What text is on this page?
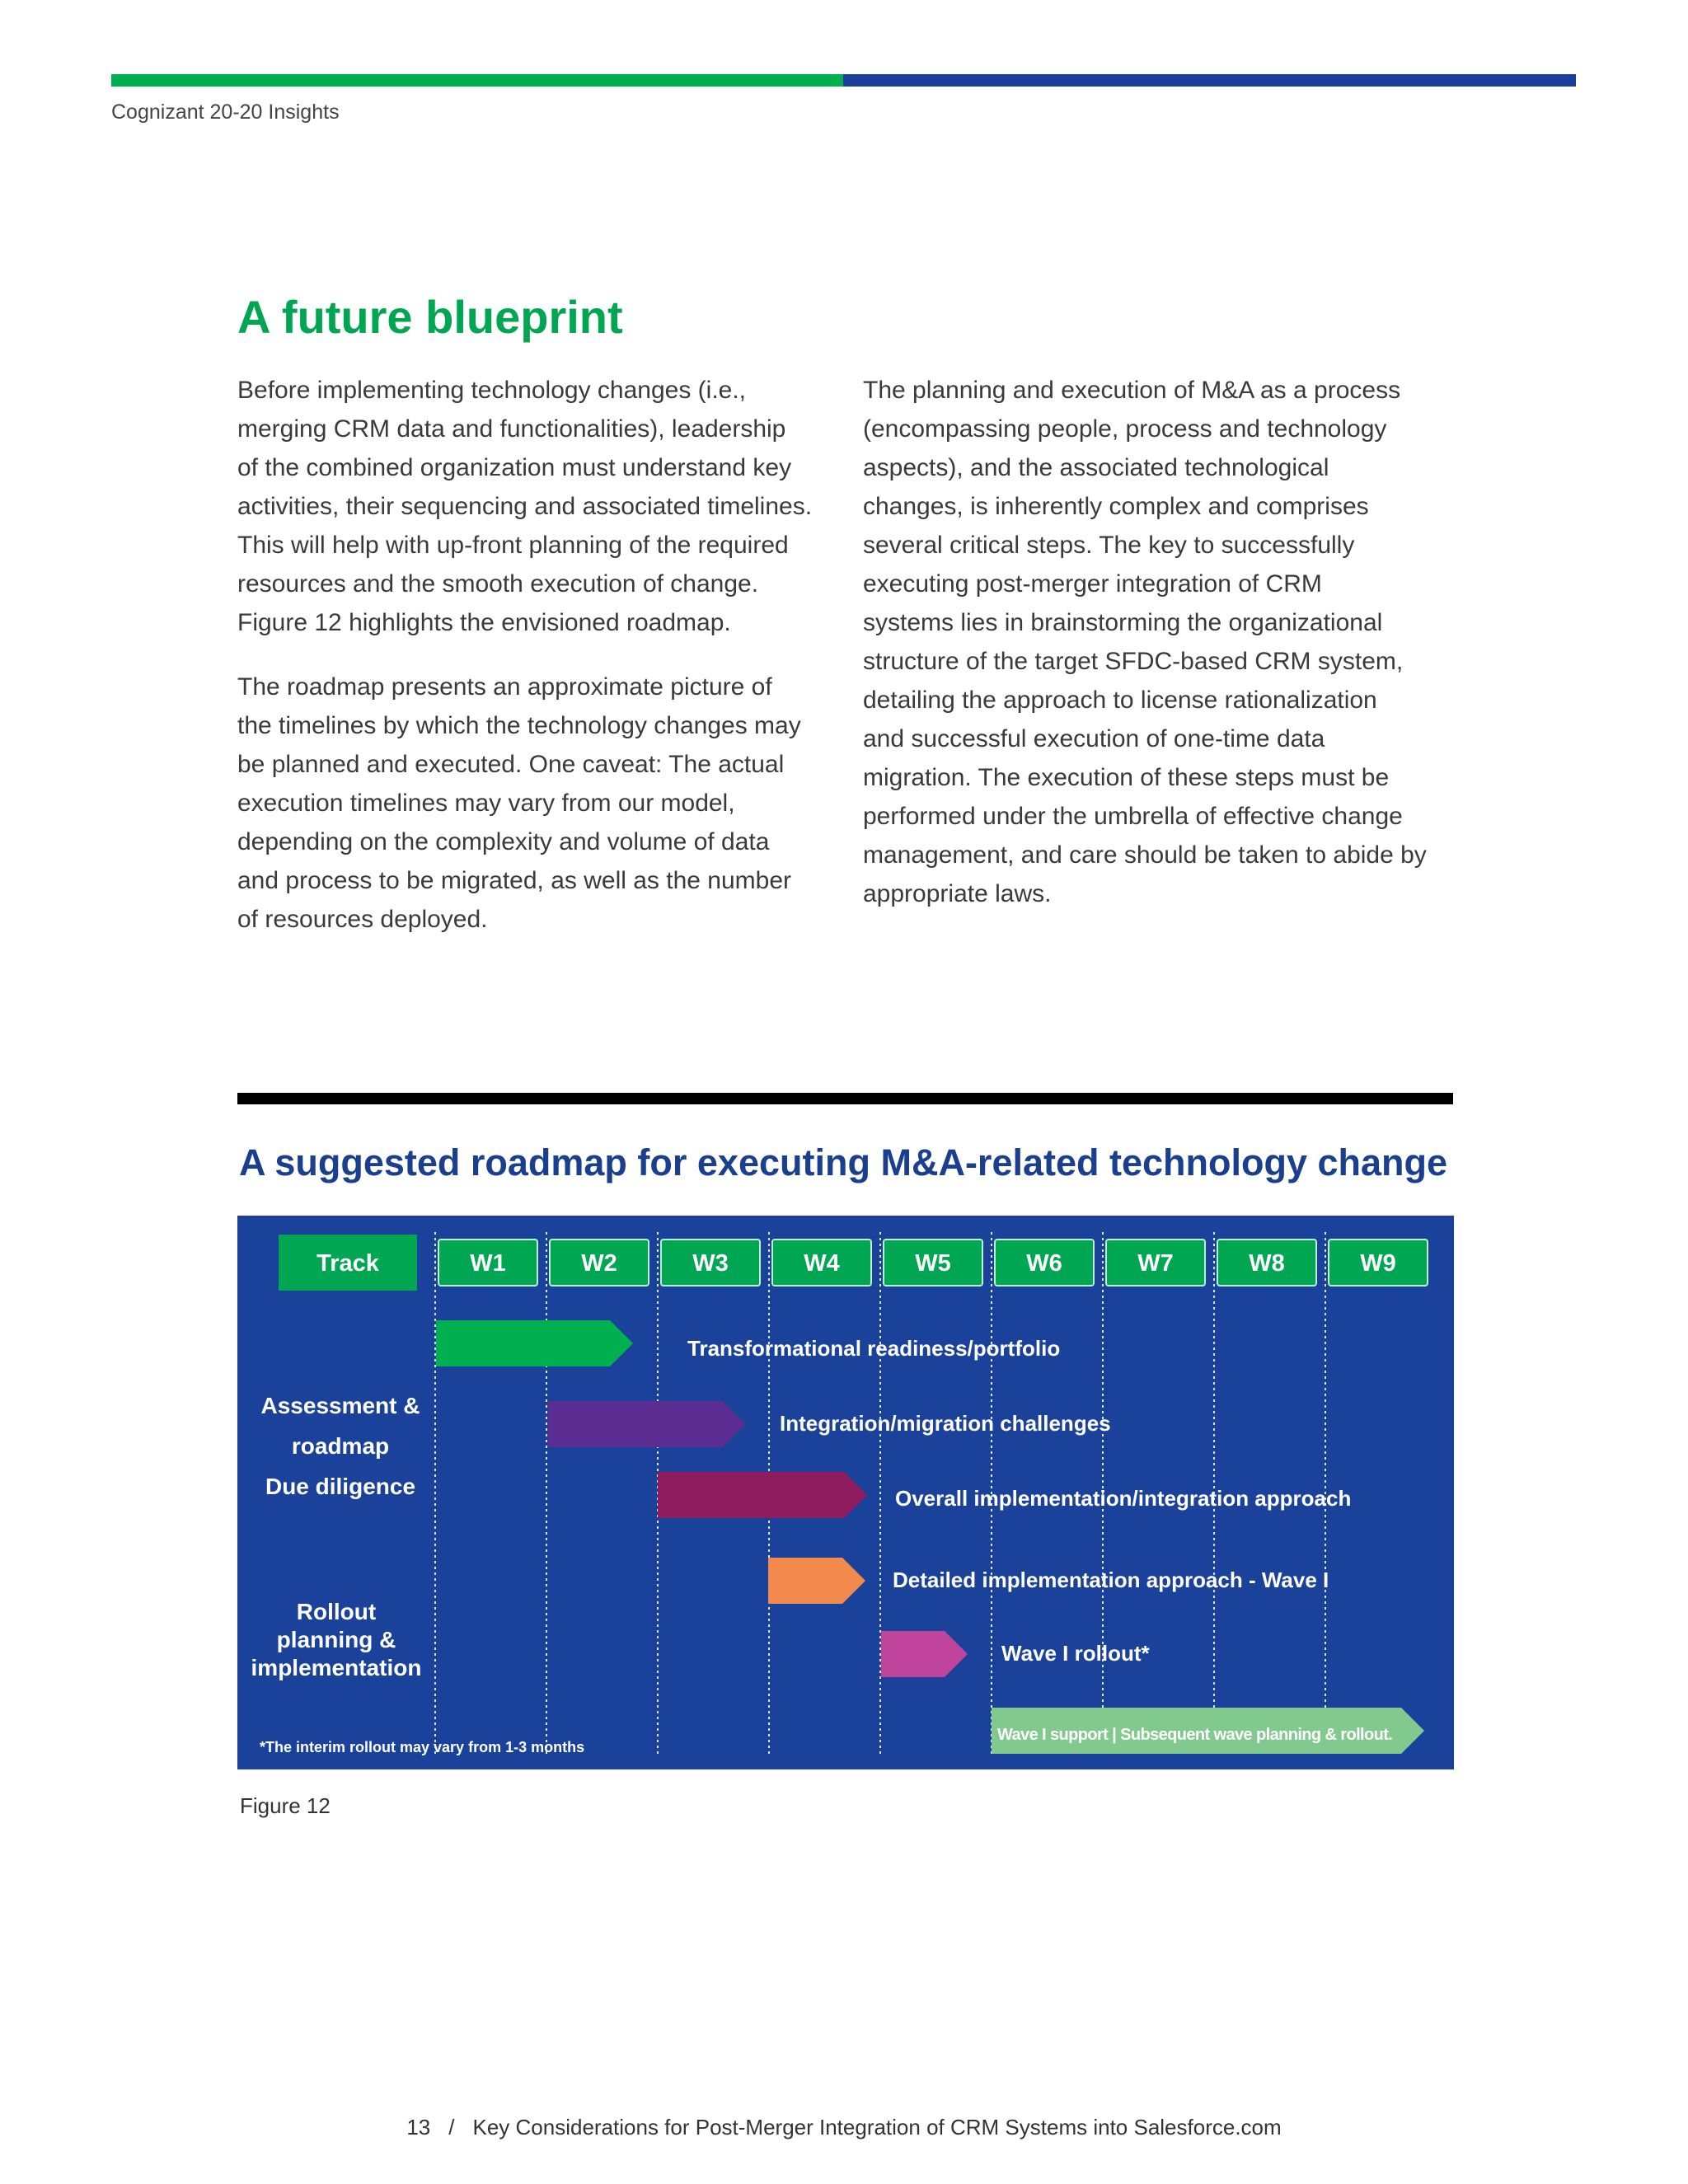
Cognizant 20-20 Insights
A future blueprint

Before implementing technology changes (i.e.,
merging CRM data and functionalities), leadership
of the combined organization must understand key
activities, their sequencing and associated timelines.
This will help with up-front planning of the required
resources and the smooth execution of change.
Figure 12 highlights the envisioned roadmap.

The roadmap presents an approximate picture of
the timelines by which the technology changes may
be planned and executed. One caveat: The actual
execution timelines may vary from our model,
depending on the complexity and volume of data
and process to be migrated, as well as the number
of resources deployed.

The planning and execution of M&A as a process
(encompassing people, process and technology
aspects), and the associated technological
changes, is inherently complex and comprises
several critical steps. The key to successfully
executing post-merger integration of CRM
systems lies in brainstorming the organizational
structure of the target SFDC-based CRM system,
detailing the approach to license rationalization
and successful execution of one-time data
migration. The execution of these steps must be
performed under the umbrella of effective change
management, and care should be taken to abide by
appropriate laws.

A suggested roadmap for executing M&A-related technology change
Track	W1	W2	W3	W4	W5	W6	W7	W8	W9
Assessment &
roadmap
Due diligence
Rollout
planning &
implementation
Transformational readiness/portfolio
Integration/migration challenges
Overall implementation/integration approach
Detailed implementation approach - Wave I
Wave I rollout*
Wave I support | Subsequent wave planning & rollout.
*The interim rollout may vary from 1-3 months
Figure 12
13 / Key Considerations for Post-Merger Integration of CRM Systems into Salesforce.com
